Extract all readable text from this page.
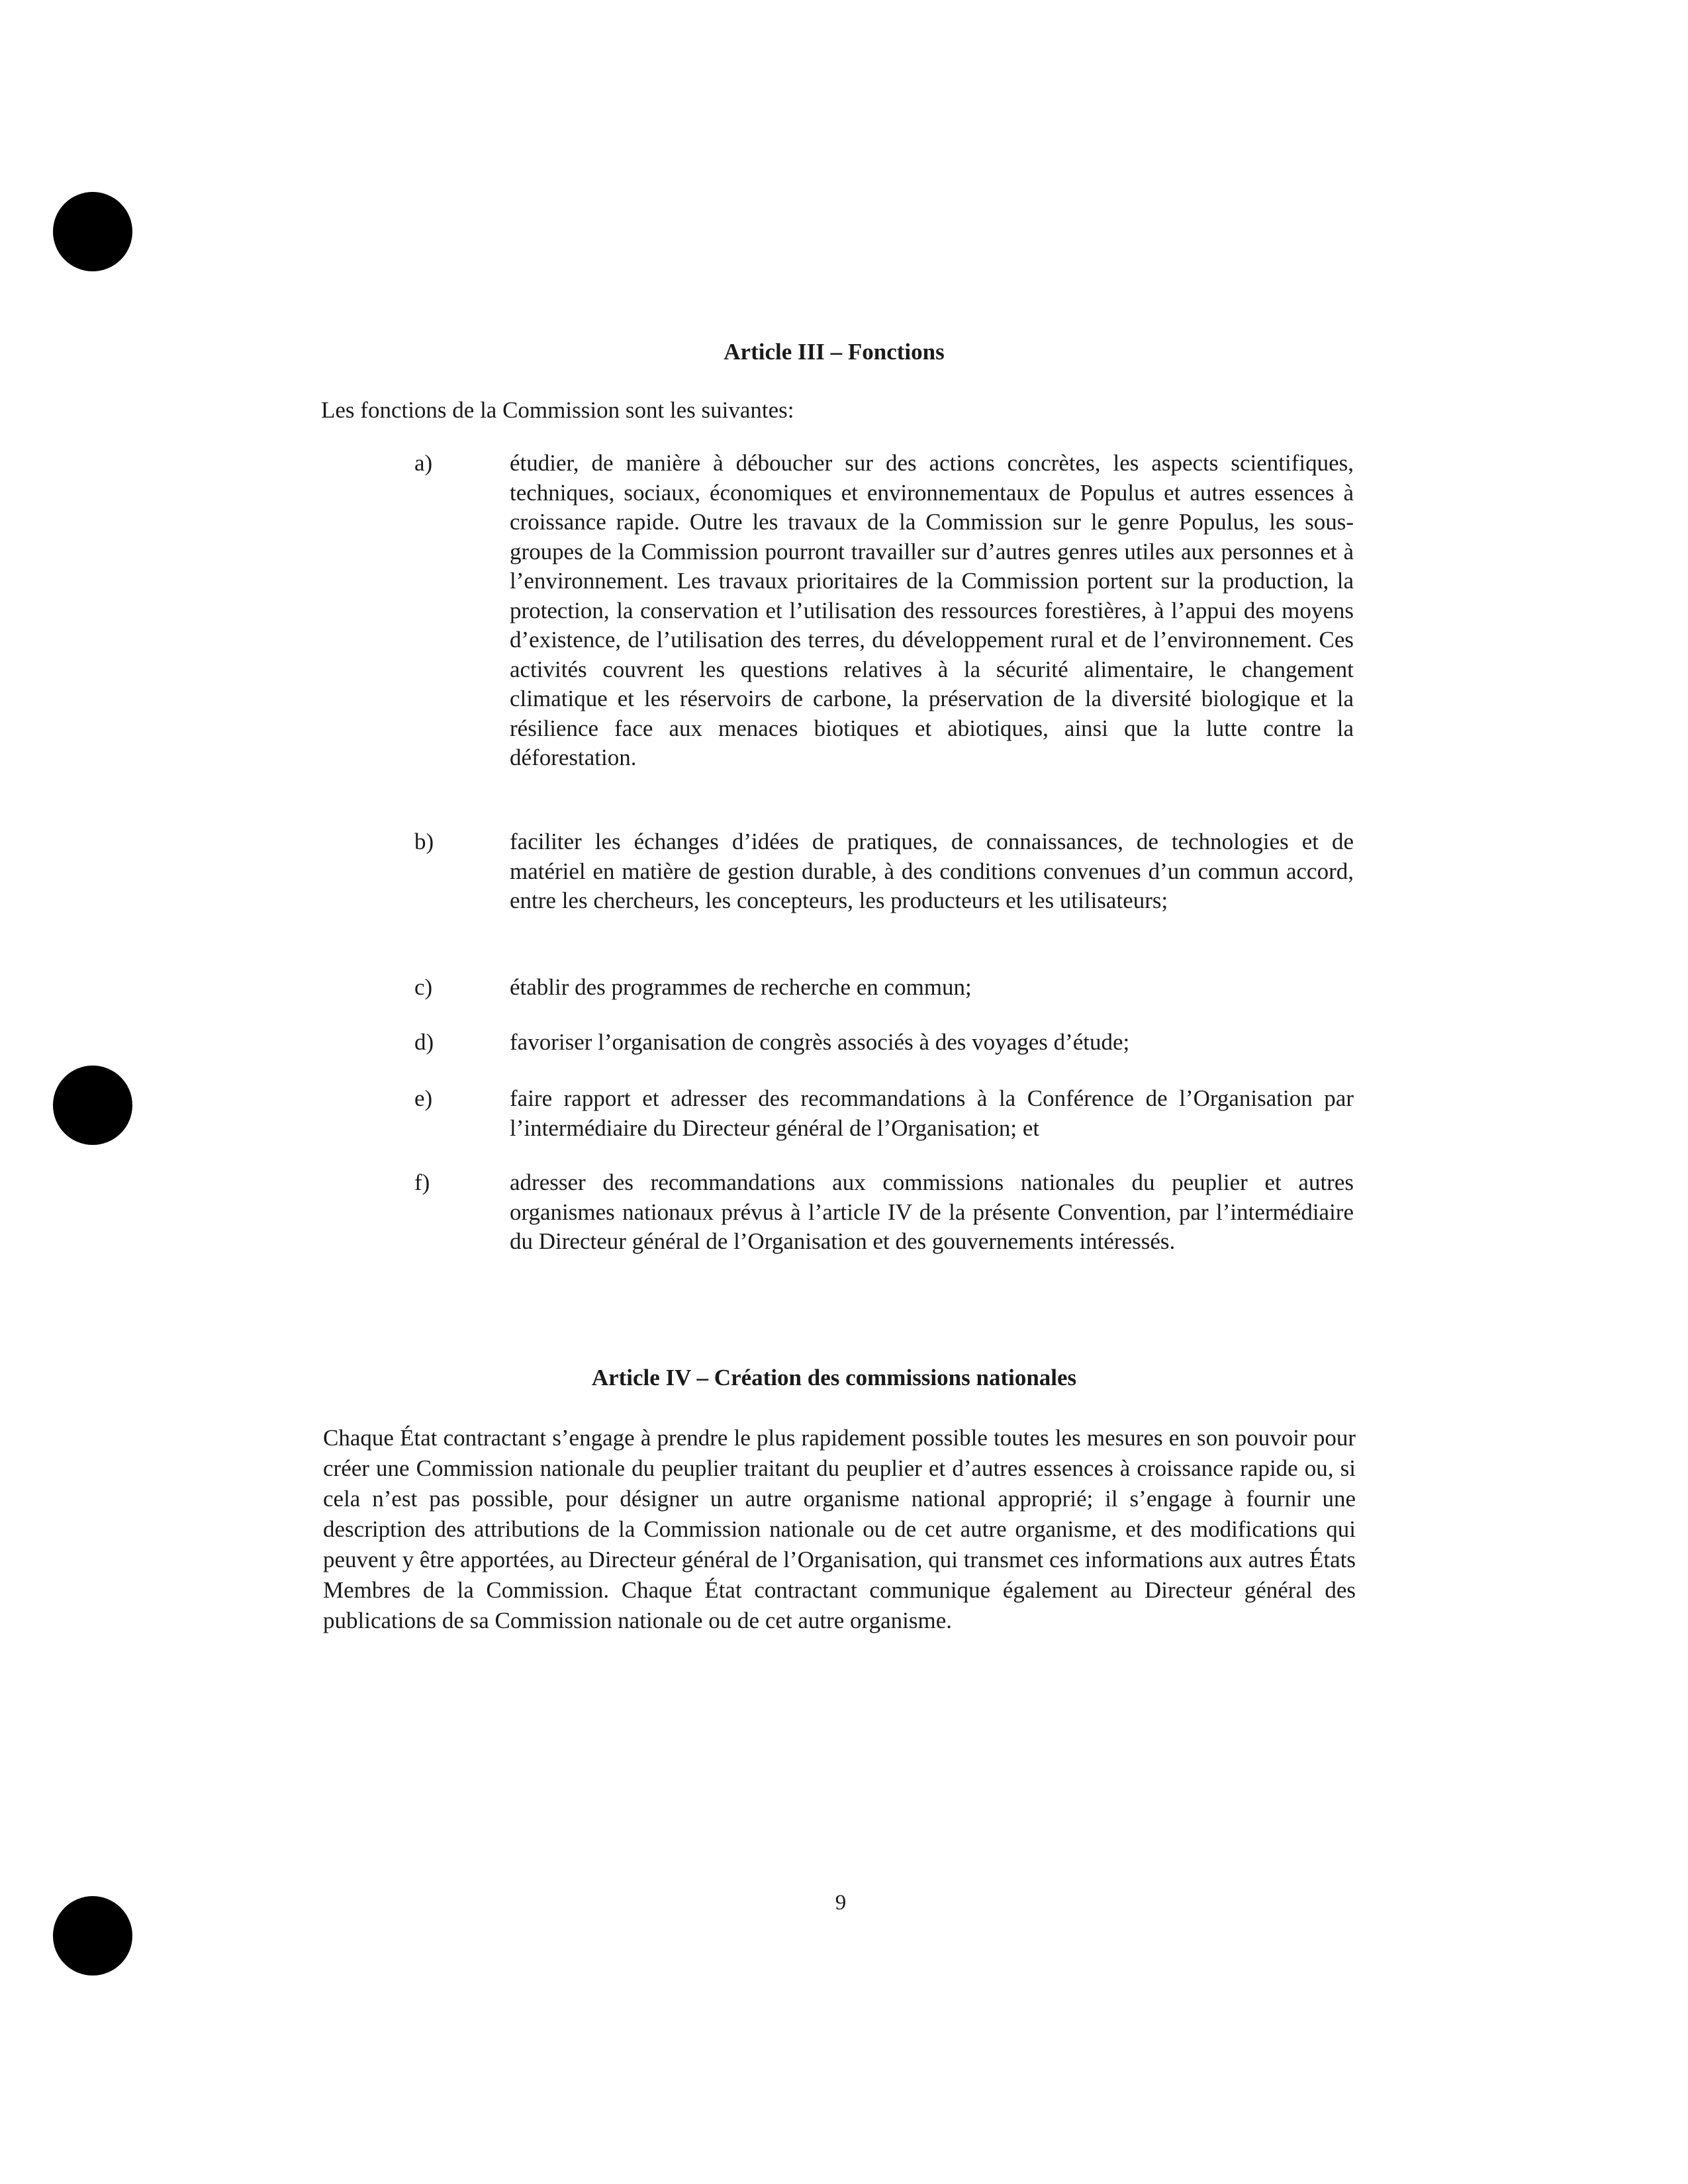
Article III – Fonctions

Les fonctions de la Commission sont les suivantes:

a)	étudier, de manière à déboucher sur des actions concrètes, les aspects scientifiques, techniques, sociaux, économiques et environnementaux de Populus et autres essences à croissance rapide. Outre les travaux de la Commission sur le genre Populus, les sous-groupes de la Commission pourront travailler sur d’autres genres utiles aux personnes et à l’environnement. Les travaux prioritaires de la Commission portent sur la production, la protection, la conservation et l’utilisation des ressources forestières, à l’appui des moyens d’existence, de l’utilisation des terres, du développement rural et de l’environnement. Ces activités couvrent les questions relatives à la sécurité alimentaire, le changement climatique et les réservoirs de carbone, la préservation de la diversité biologique et la résilience face aux menaces biotiques et abiotiques, ainsi que la lutte contre la déforestation.

b)	faciliter les échanges d’idées de pratiques, de connaissances, de technologies et de matériel en matière de gestion durable, à des conditions convenues d’un commun accord, entre les chercheurs, les concepteurs, les producteurs et les utilisateurs;

c)	établir des programmes de recherche en commun;

d)	favoriser l’organisation de congrès associés à des voyages d’étude;

e)	faire rapport et adresser des recommandations à la Conférence de l’Organisation par l’intermédiaire du Directeur général de l’Organisation; et

f)	adresser des recommandations aux commissions nationales du peuplier et autres organismes nationaux prévus à l’article IV de la présente Convention, par l’intermédiaire du Directeur général de l’Organisation et des gouvernements intéressés.

Article IV – Création des commissions nationales

Chaque État contractant s’engage à prendre le plus rapidement possible toutes les mesures en son pouvoir pour créer une Commission nationale du peuplier traitant du peuplier et d’autres essences à croissance rapide ou, si cela n’est pas possible, pour désigner un autre organisme national approprié; il s’engage à fournir une description des attributions de la Commission nationale ou de cet autre organisme, et des modifications qui peuvent y être apportées, au Directeur général de l’Organisation, qui transmet ces informations aux autres États Membres de la Commission. Chaque État contractant communique également au Directeur général des publications de sa Commission nationale ou de cet autre organisme.

9
